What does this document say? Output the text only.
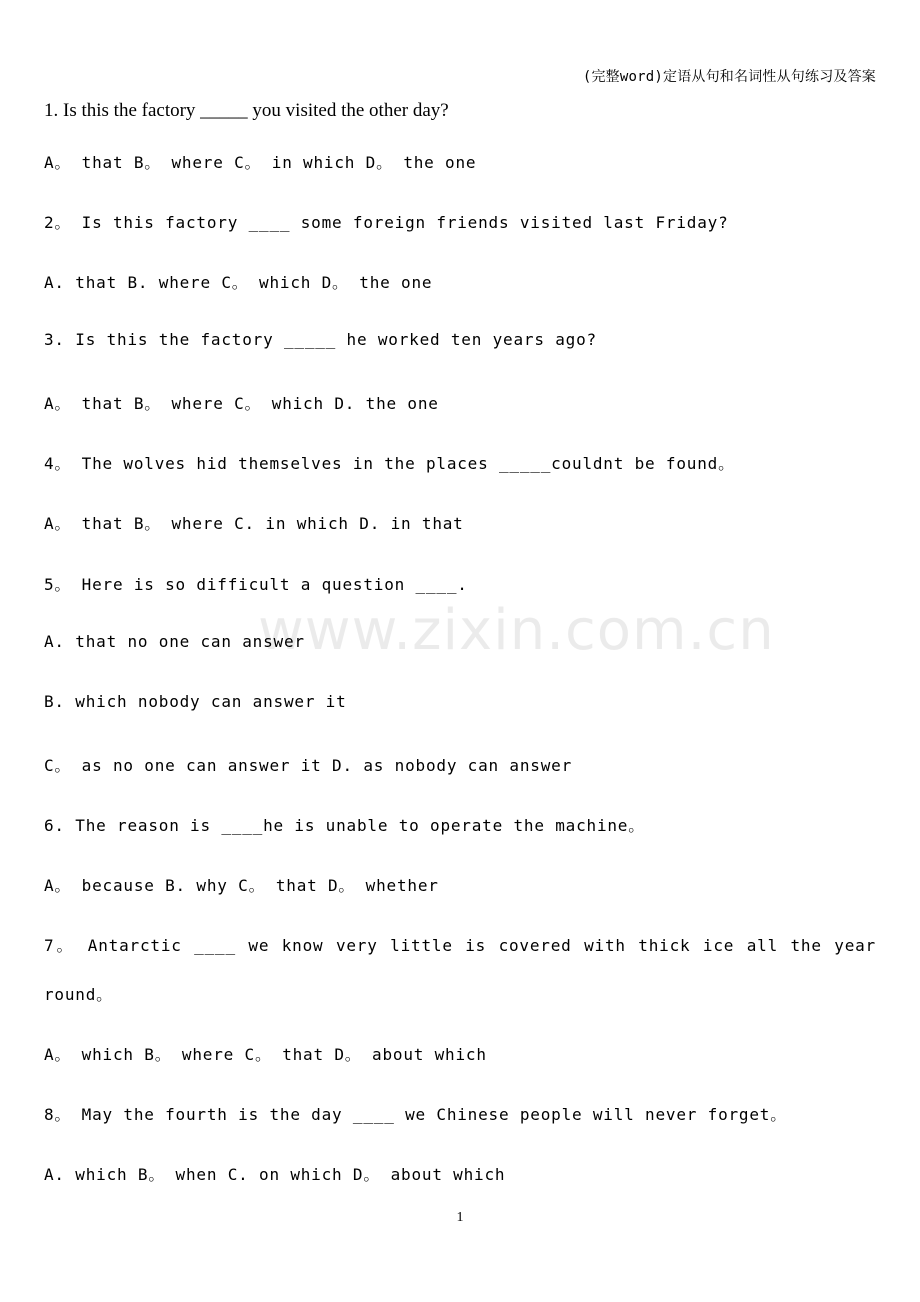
(完整word)定语从句和名词性从句练习及答案
www.zixin.com.cn
1. Is this the factory _____ you visited the other day?
A。 that B。 where C。 in which D。 the one
2。 Is this factory ____ some foreign friends visited last Friday?
A. that B. where C。 which D。 the one
3. Is this the factory _____ he worked ten years ago?
A。 that B。 where C。 which D. the one
4。 The wolves hid themselves in the places _____couldnt be found。
A。 that B。 where C. in which D. in that
5。 Here is so difficult a question ____.
A. that no one can answer
B. which nobody can answer it
C。 as no one can answer it D. as nobody can answer
6. The reason is ____he is unable to operate the machine。
A。 because B. why C。 that D。 whether
7。 Antarctic ____ we know very little is covered with thick ice all the year
round。
A。 which B。 where C。 that D。 about which
8。 May the fourth is the day ____ we Chinese people will never forget。
A. which B。 when C. on which D。 about which
1
